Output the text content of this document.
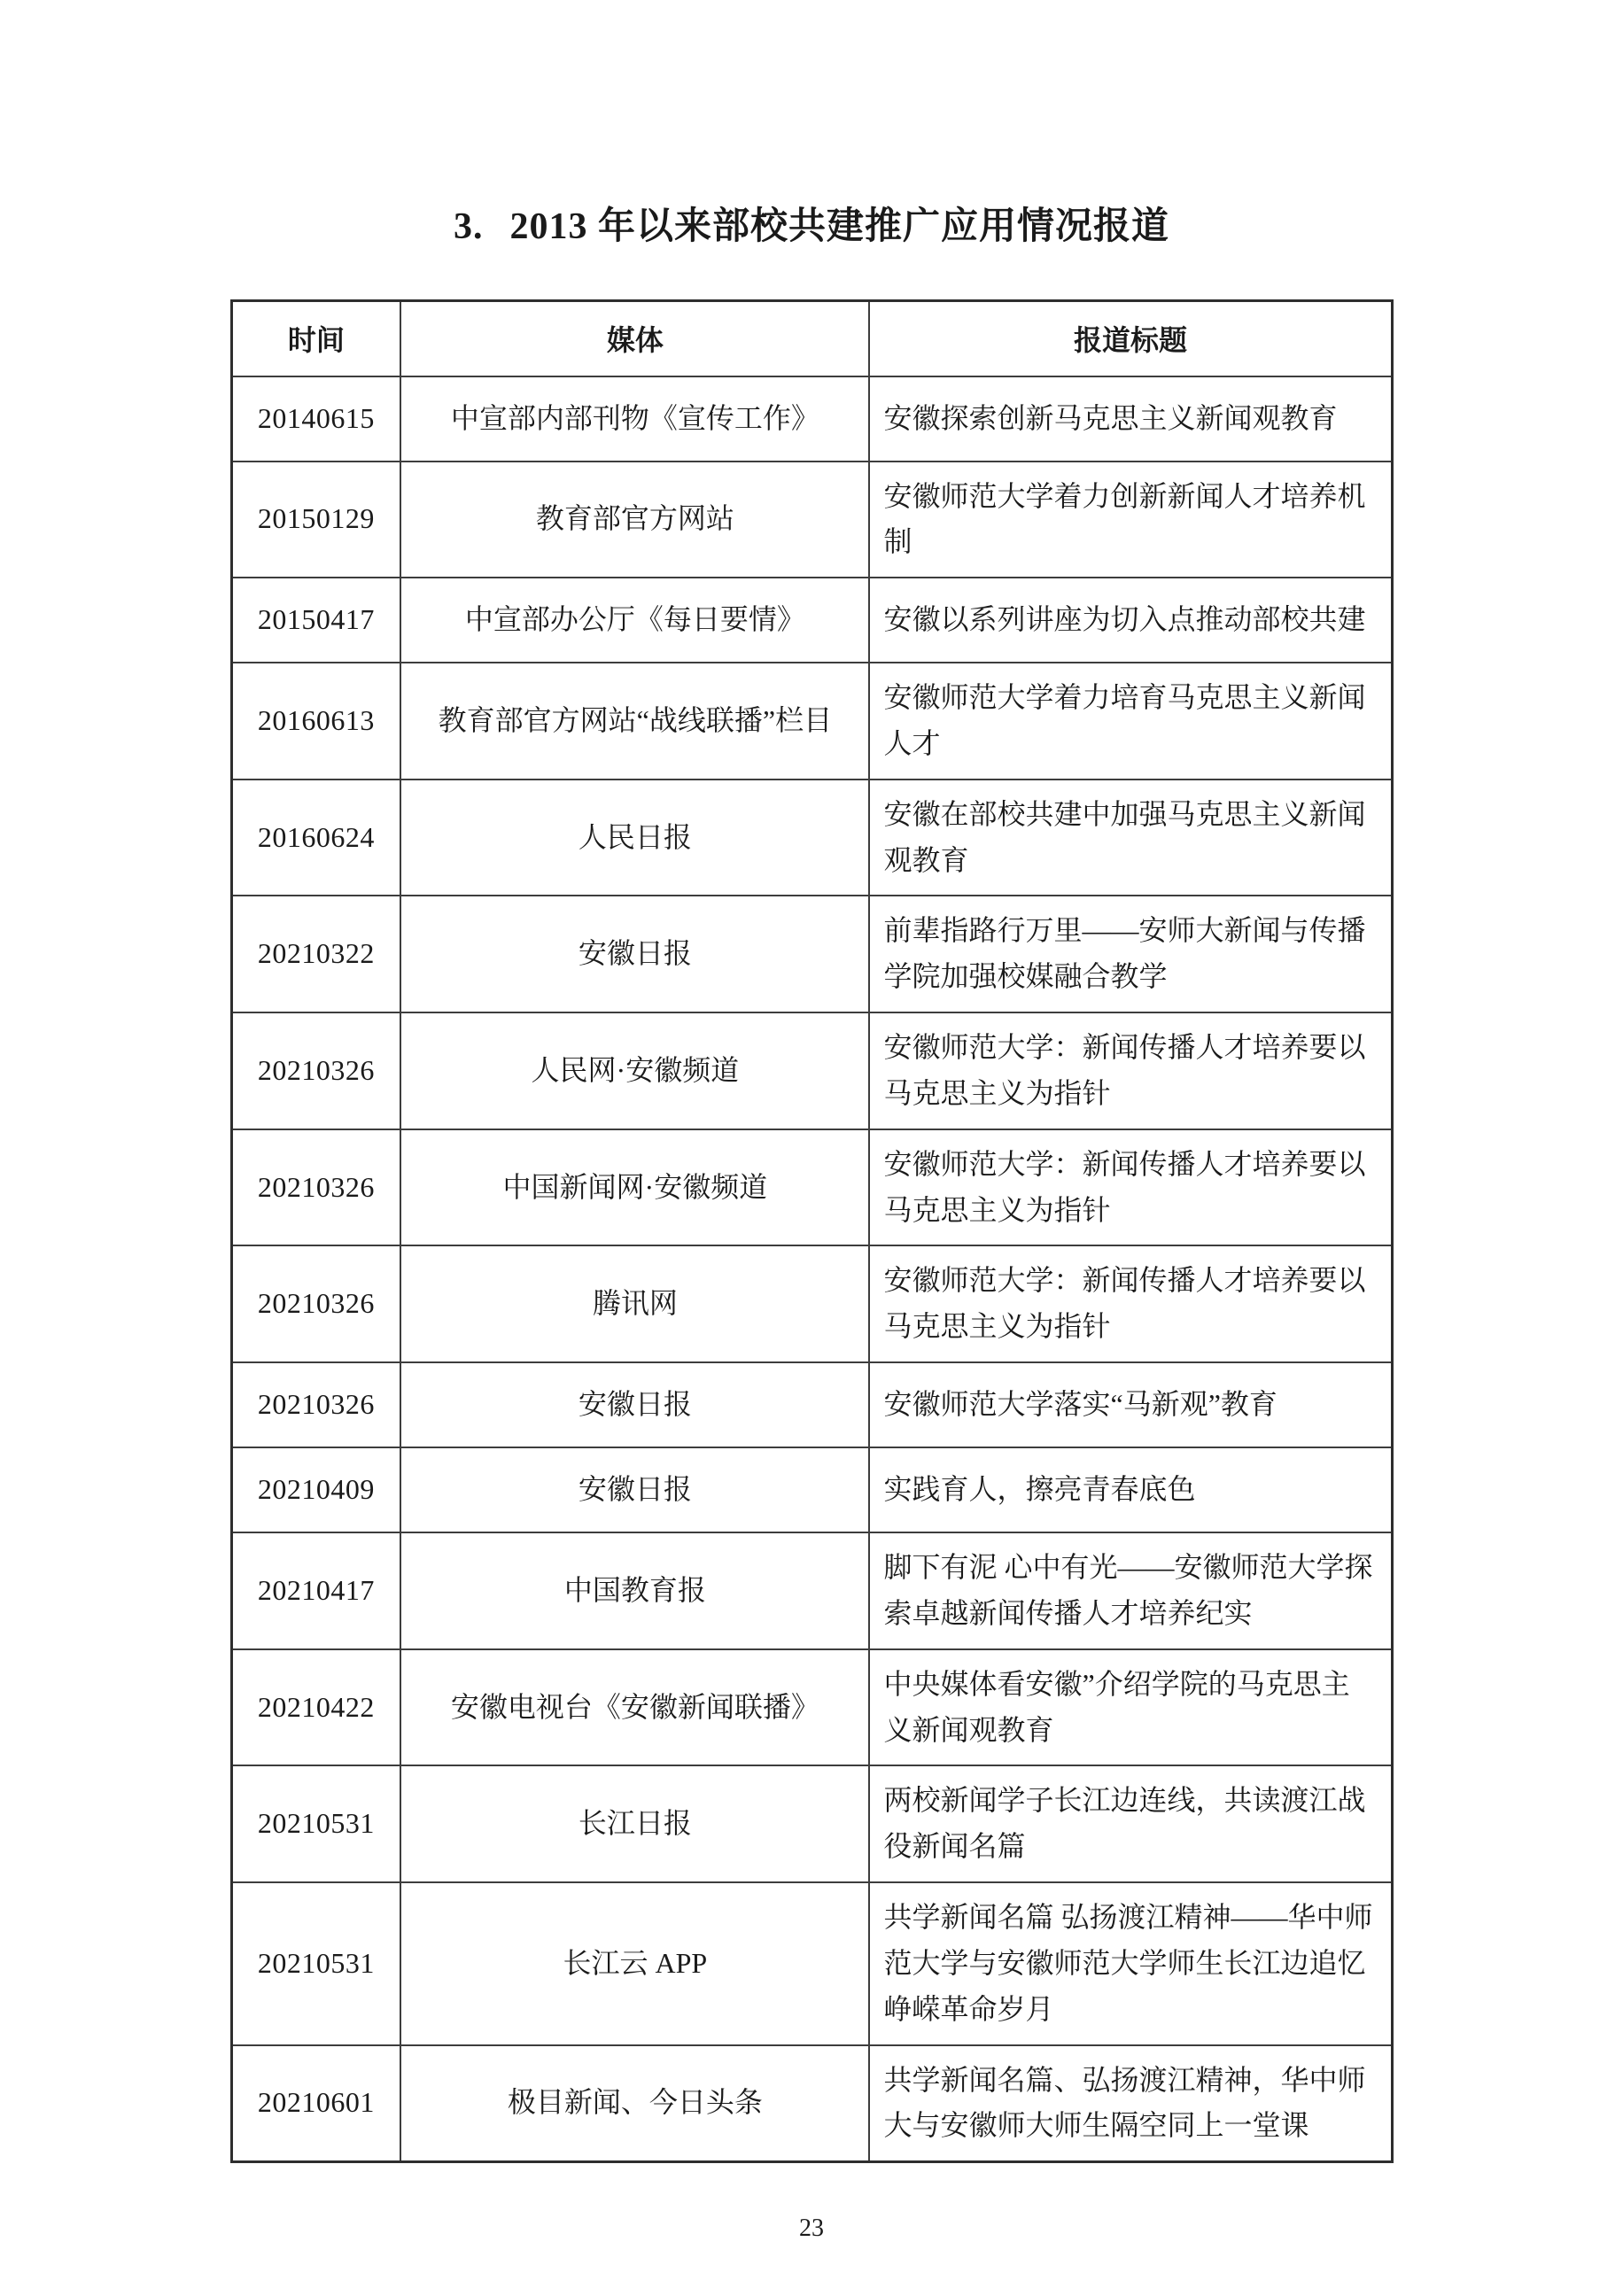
3. 2013 年以来部校共建推广应用情况报道
时间	媒体	报道标题
20140615	中宣部内部刊物《宣传工作》	安徽探索创新马克思主义新闻观教育
20150129	教育部官方网站	安徽师范大学着力创新新闻人才培养机制
20150417	中宣部办公厅《每日要情》	安徽以系列讲座为切入点推动部校共建
20160613	教育部官方网站“战线联播”栏目	安徽师范大学着力培育马克思主义新闻人才
20160624	人民日报	安徽在部校共建中加强马克思主义新闻观教育
20210322	安徽日报	前辈指路行万里——安师大新闻与传播学院加强校媒融合教学
20210326	人民网·安徽频道	安徽师范大学：新闻传播人才培养要以马克思主义为指针
20210326	中国新闻网·安徽频道	安徽师范大学：新闻传播人才培养要以马克思主义为指针
20210326	腾讯网	安徽师范大学：新闻传播人才培养要以马克思主义为指针
20210326	安徽日报	安徽师范大学落实“马新观”教育
20210409	安徽日报	实践育人，擦亮青春底色
20210417	中国教育报	脚下有泥 心中有光——安徽师范大学探索卓越新闻传播人才培养纪实
20210422	安徽电视台《安徽新闻联播》	中央媒体看安徽”介绍学院的马克思主义新闻观教育
20210531	长江日报	两校新闻学子长江边连线，共读渡江战役新闻名篇
20210531	长江云 APP	共学新闻名篇 弘扬渡江精神——华中师范大学与安徽师范大学师生长江边追忆峥嵘革命岁月
20210601	极目新闻、今日头条	共学新闻名篇、弘扬渡江精神，华中师大与安徽师大师生隔空同上一堂课
23
